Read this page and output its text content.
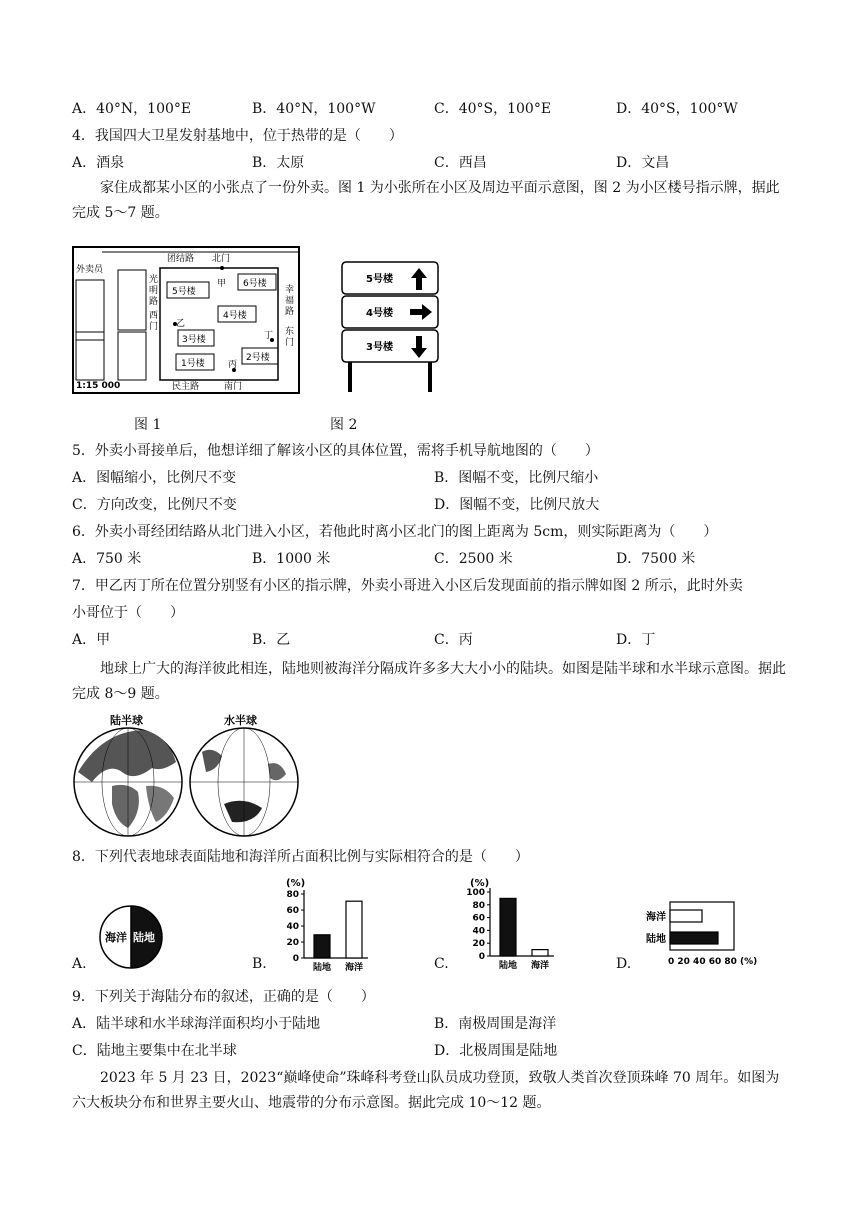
A．40°N，100°E	B．40°N，100°W	C．40°S，100°E	D．40°S，100°W
4．我国四大卫星发射基地中，位于热带的是（　　）
A．酒泉	B．太原	C．西昌	D．文昌
家住成都某小区的小张点了一份外卖。图 1 为小张所在小区及周边平面示意图，图 2 为小区楼号指示牌，据此完成 5～7 题。
团结路 北门
外卖员
光
明
路
西
门
幸
福
路
东
门
5号楼
6号楼
4号楼
3号楼
1号楼
2号楼
甲
乙
丙
丁
1:15 000	民主路	南门
图 1
5号楼
4号楼
3号楼
图 2
5．外卖小哥接单后，他想详细了解该小区的具体位置，需将手机导航地图的（　　）
A．图幅缩小，比例尺不变	B．图幅不变，比例尺缩小
C．方向改变，比例尺不变	D．图幅不变，比例尺放大
6．外卖小哥经团结路从北门进入小区，若他此时离小区北门的图上距离为 5cm，则实际距离为（　　）
A．750 米	B．1000 米	C．2500 米	D．7500 米
7．甲乙丙丁所在位置分别竖有小区的指示牌，外卖小哥进入小区后发现面前的指示牌如图 2 所示，此时外卖
小哥位于（　　）
A．甲	B．乙	C．丙	D．丁
地球上广大的海洋彼此相连，陆地则被海洋分隔成许多多大大小小的陆块。如图是陆半球和水半球示意图。据此完成 8～9 题。
陆半球	水半球
8．下列代表地球表面陆地和海洋所占面积比例与实际相符合的是（　　）
A.
海洋 陆地
B.
(%)
80
60
40
20
0
陆地 海洋	C.
(%)
100
80
60
40
20
0
陆地 海洋	D.
海洋
陆地
0 20 40 60 80 (%)
9．下列关于海陆分布的叙述，正确的是（　　）
A．陆半球和水半球海洋面积均小于陆地	B．南极周围是海洋
C．陆地主要集中在北半球	D．北极周围是陆地
2023 年 5 月 23 日，2023“巅峰使命”珠峰科考登山队员成功登顶，致敬人类首次登顶珠峰 70 周年。如图为六大板块分布和世界主要火山、地震带的分布示意图。据此完成 10～12 题。
